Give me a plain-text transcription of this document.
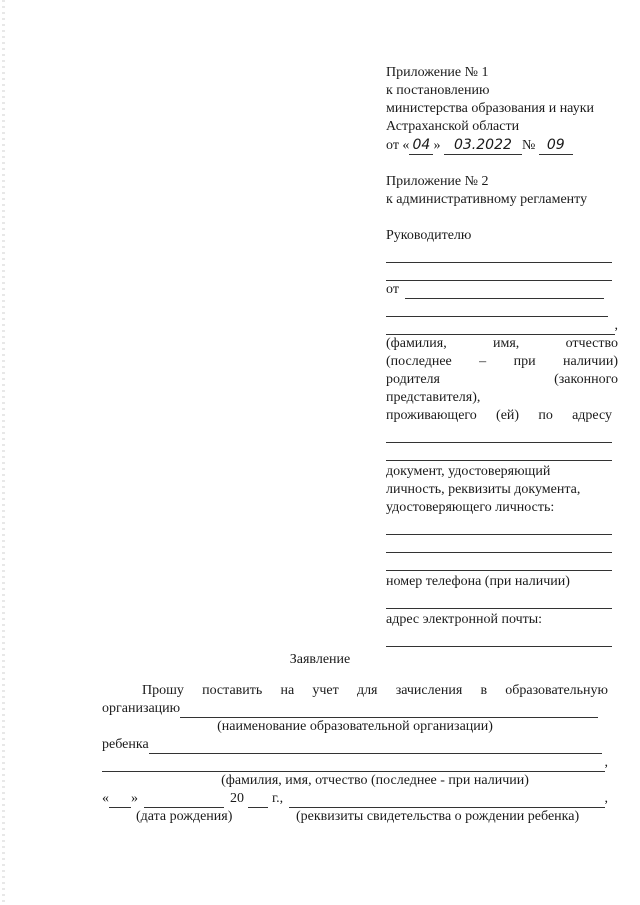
Приложение № 1
к постановлению
министерства образования и науки
Астраханской области
от « 04 » 03.2022 № 09
Приложение № 2
к административному регламенту
Руководителю
от
,
(фамилия, имя, отчество
(последнее – при наличии)
родителя (законного
представителя),
проживающего (ей) по адресу
документ, удостоверяющий
личность, реквизиты документа,
удостоверяющего личность:
номер телефона (при наличии)
адрес электронной почты:
Заявление
Прошу поставить на учет для зачисления в образовательную
организацию
(наименование образовательной организации)
ребенка
,
(фамилия, имя, отчество (последнее - при наличии)
« »	20 г.,	,
(дата рождения)	(реквизиты свидетельства о рождении ребенка)
